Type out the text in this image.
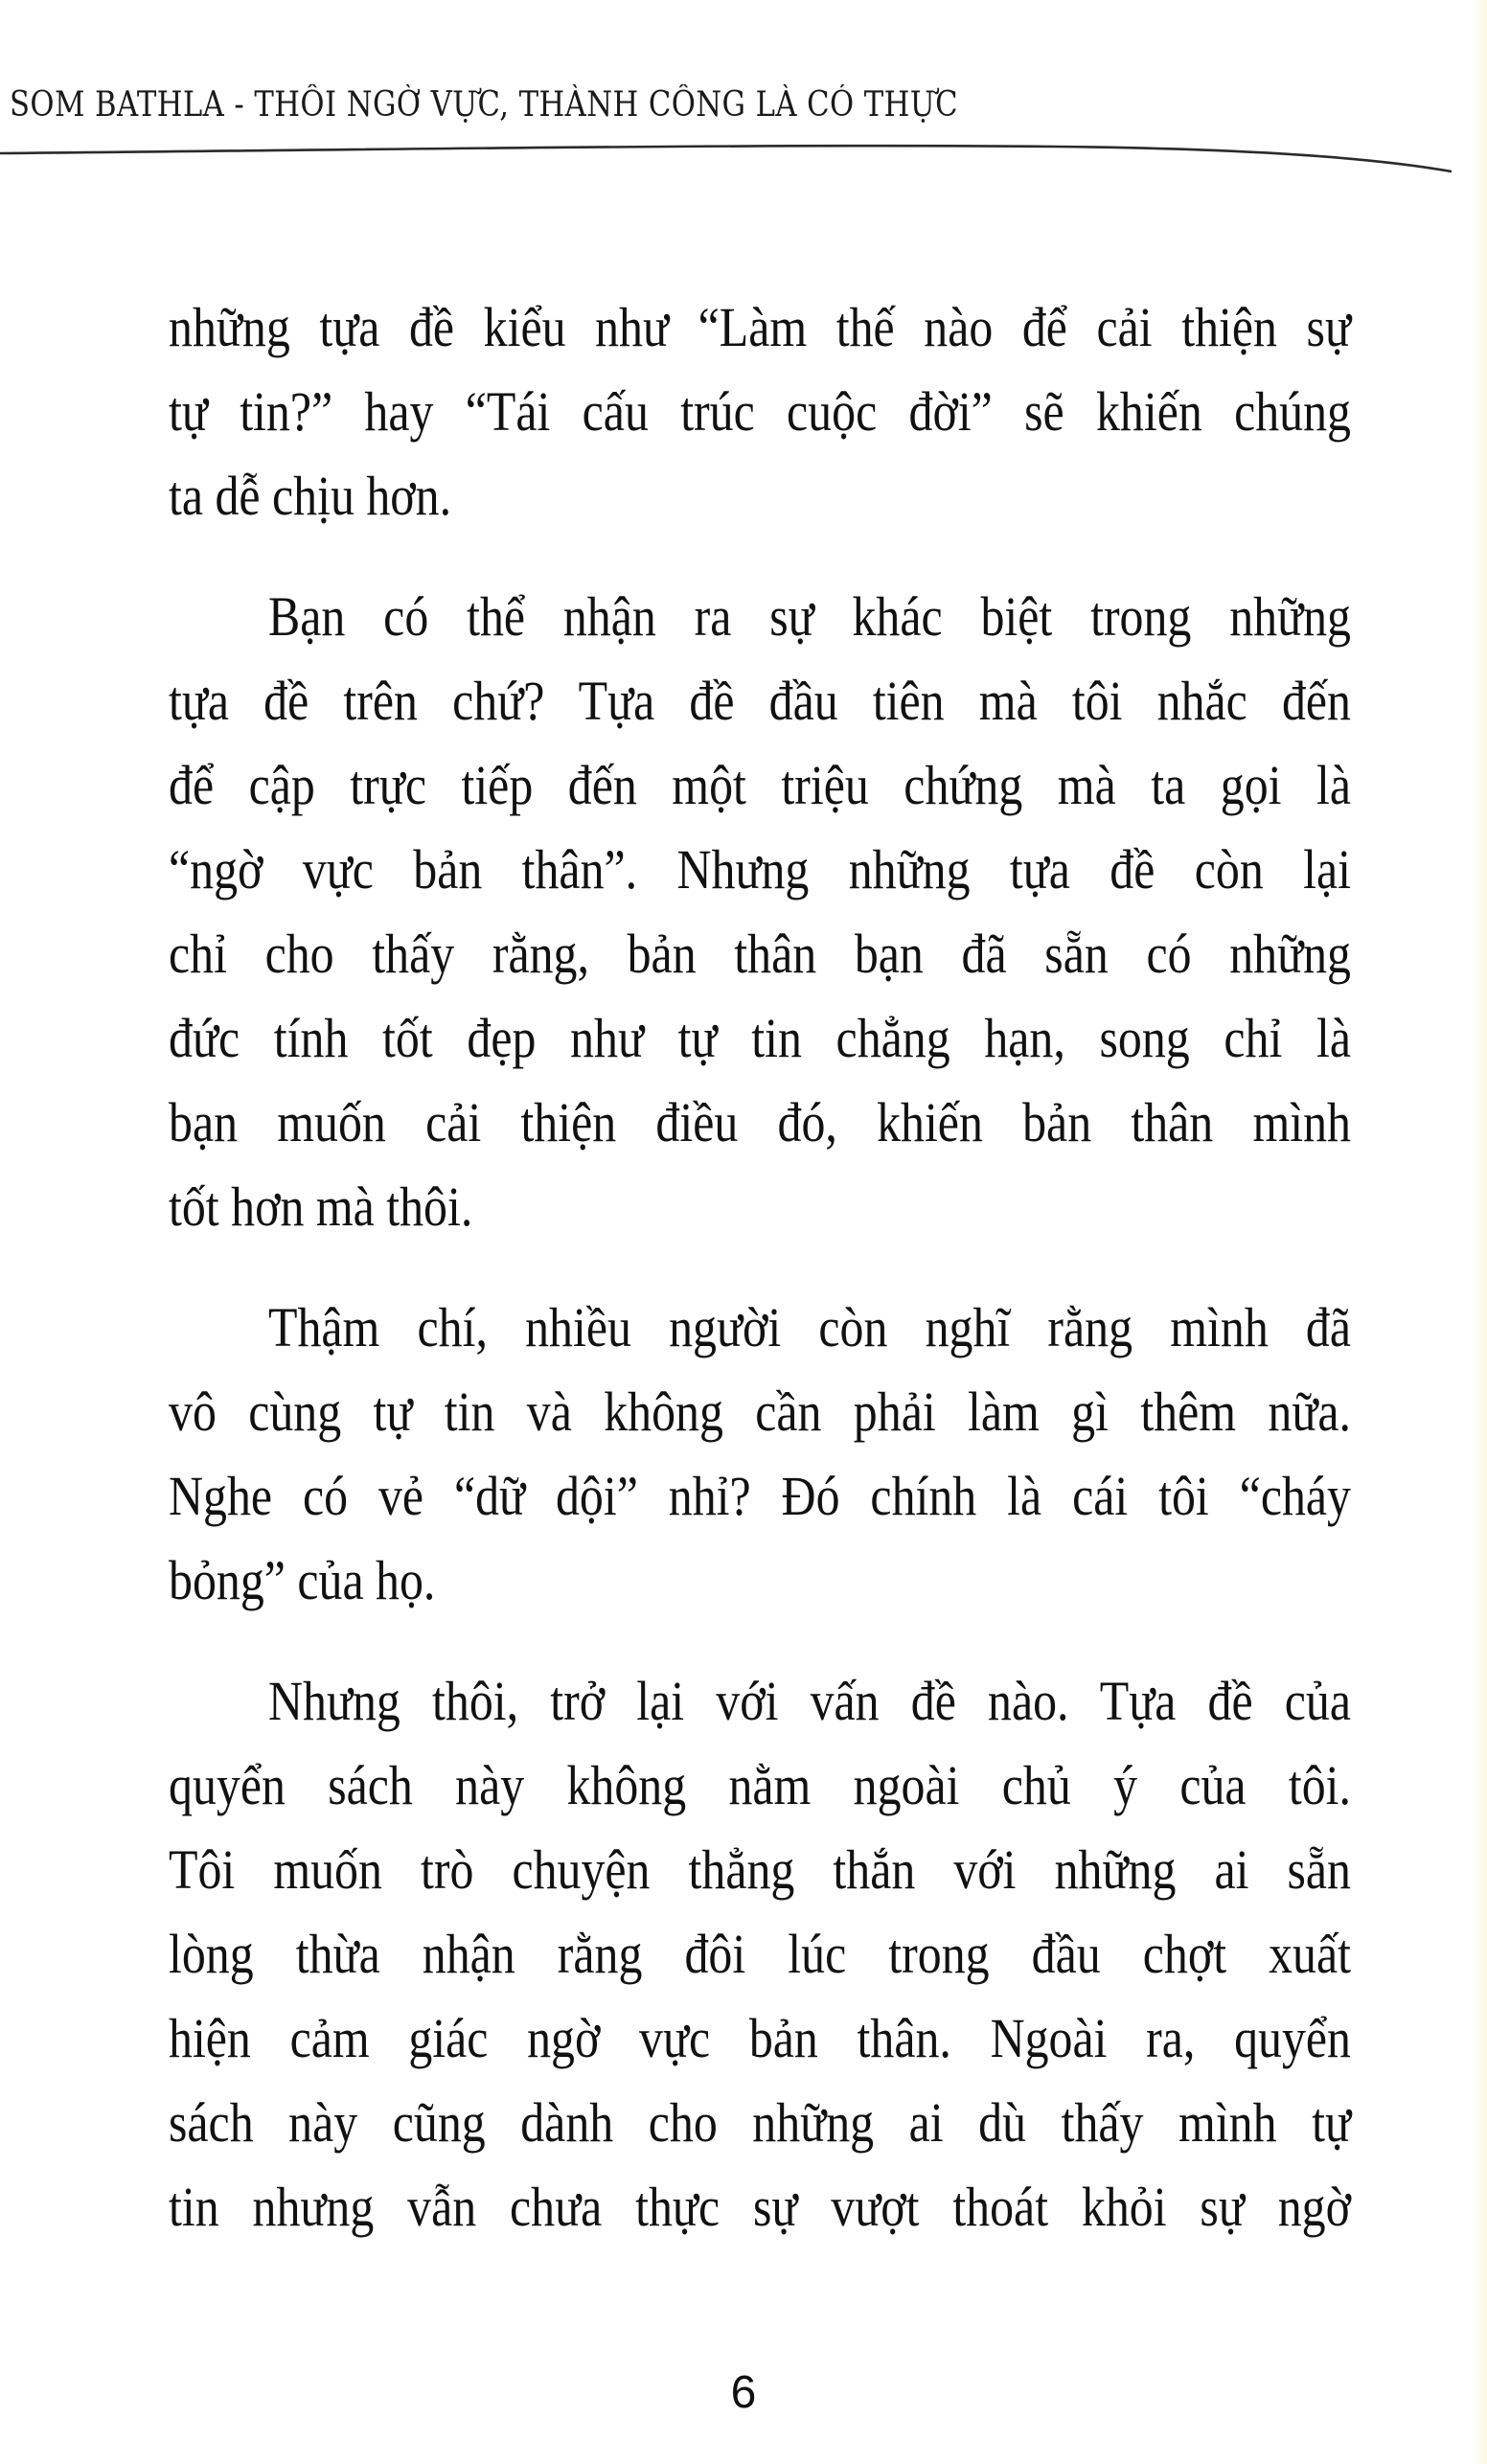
SOM BATHLA - THÔI NGỜ VỰC, THÀNH CÔNG LÀ CÓ THỰC

những tựa đề kiểu như “Làm thế nào để cải thiện sự
tự tin?” hay “Tái cấu trúc cuộc đời” sẽ khiến chúng
ta dễ chịu hơn.

Bạn có thể nhận ra sự khác biệt trong những
tựa đề trên chứ? Tựa đề đầu tiên mà tôi nhắc đến
để cập trực tiếp đến một triệu chứng mà ta gọi là
“ngờ vực bản thân”. Nhưng những tựa đề còn lại
chỉ cho thấy rằng, bản thân bạn đã sẵn có những
đức tính tốt đẹp như tự tin chẳng hạn, song chỉ là
bạn muốn cải thiện điều đó, khiến bản thân mình
tốt hơn mà thôi.

Thậm chí, nhiều người còn nghĩ rằng mình đã
vô cùng tự tin và không cần phải làm gì thêm nữa.
Nghe có vẻ “dữ dội” nhỉ? Đó chính là cái tôi “cháy
bỏng” của họ.

Nhưng thôi, trở lại với vấn đề nào. Tựa đề của
quyển sách này không nằm ngoài chủ ý của tôi.
Tôi muốn trò chuyện thẳng thắn với những ai sẵn
lòng thừa nhận rằng đôi lúc trong đầu chợt xuất
hiện cảm giác ngờ vực bản thân. Ngoài ra, quyển
sách này cũng dành cho những ai dù thấy mình tự
tin nhưng vẫn chưa thực sự vượt thoát khỏi sự ngờ

6
